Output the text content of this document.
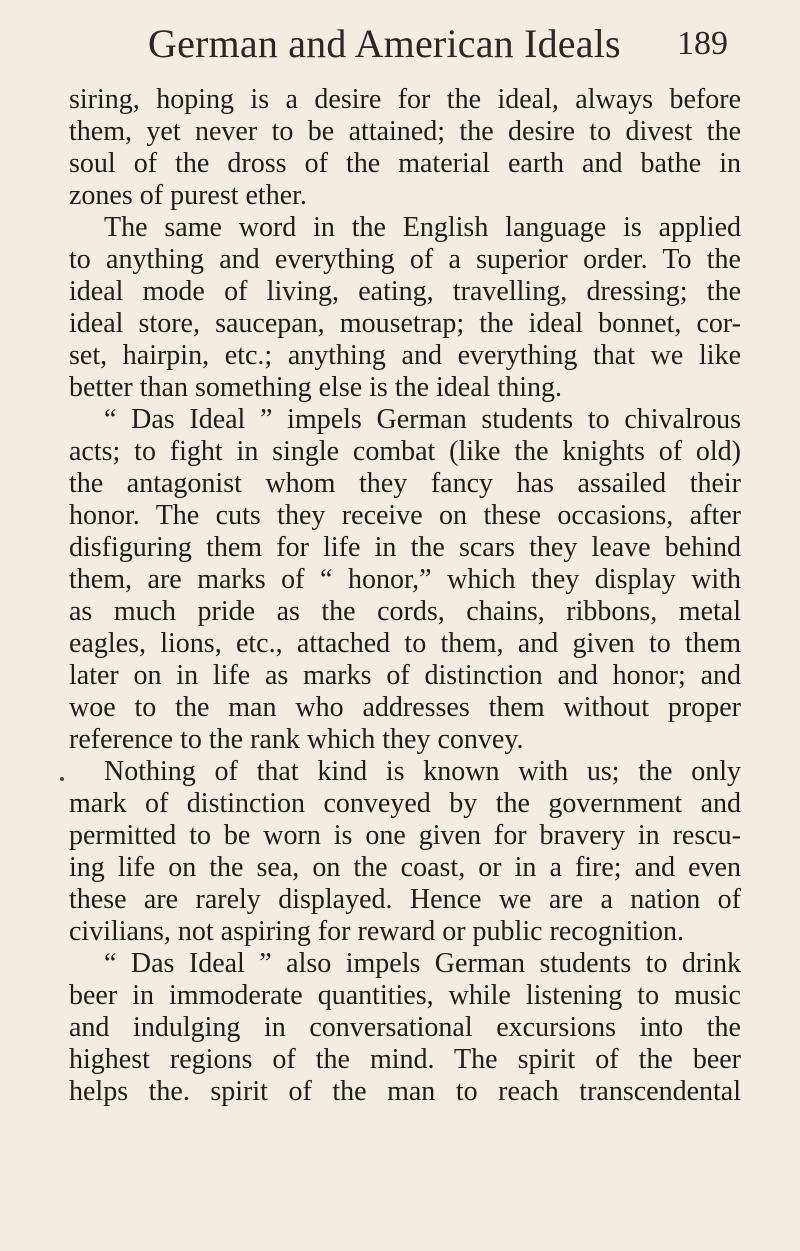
German and American Ideals 189
siring, hoping is a desire for the ideal, always before
them, yet never to be attained; the desire to divest the
soul of the dross of the material earth and bathe in
zones of purest ether.
The same word in the English language is applied
to anything and everything of a superior order. To the
ideal mode of living, eating, travelling, dressing; the
ideal store, saucepan, mousetrap; the ideal bonnet, cor-
set, hairpin, etc.; anything and everything that we like
better than something else is the ideal thing.
“ Das Ideal ” impels German students to chivalrous
acts; to fight in single combat (like the knights of old)
the antagonist whom they fancy has assailed their
honor. The cuts they receive on these occasions, after
disfiguring them for life in the scars they leave behind
them, are marks of “ honor,” which they display with
as much pride as the cords, chains, ribbons, metal
eagles, lions, etc., attached to them, and given to them
later on in life as marks of distinction and honor; and
woe to the man who addresses them without proper
reference to the rank which they convey.
Nothing of that kind is known with us; the only
mark of distinction conveyed by the government and
permitted to be worn is one given for bravery in rescu-
ing life on the sea, on the coast, or in a fire; and even
these are rarely displayed. Hence we are a nation of
civilians, not aspiring for reward or public recognition.
“ Das Ideal ” also impels German students to drink
beer in immoderate quantities, while listening to music
and indulging in conversational excursions into the
highest regions of the mind. The spirit of the beer
helps the. spirit of the man to reach transcendental
